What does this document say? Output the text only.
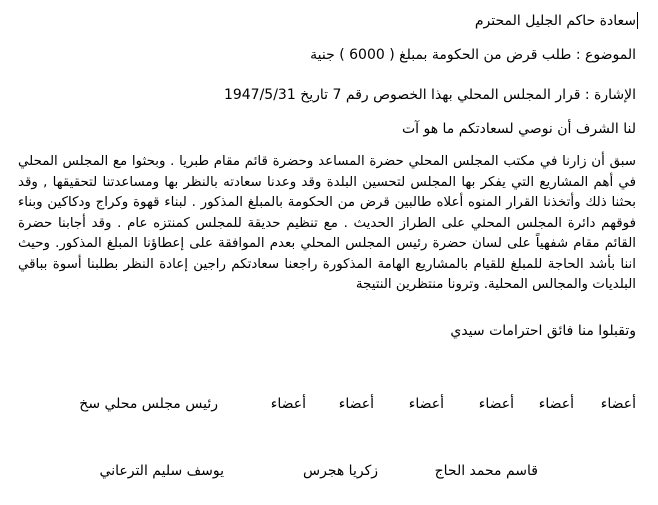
سعادة حاكم الجليل المحترم
الموضوع : طلب قرض من الحكومة بمبلغ ( 6000 ) جنية
الإشارة : قرار المجلس المحلي بهذا الخصوص رقم 7 تاريخ 1947/5/31
لنا الشرف أن نوصي لسعادتكم ما هو آت
سبق أن زارنا في مكتب المجلس المحلي حضرة المساعد وحضرة قائم مقام طبريا . وبحثوا مع المجلس المحلي في أهم المشاريع التي يفكر بها المجلس لتحسين البلدة وقد وعدنا سعادته بالنظر بها ومساعدتنا لتحقيقها , وقد بحثنا ذلك وأتخذنا القرار المنوه أعلاه طالبين قرض من الحكومة بالمبلغ المذكور . لبناء قهوة وكراج ودكاكين وبناء فوقهم دائرة المجلس المحلي على الطراز الحديث . مع تنظيم حديقة للمجلس كمنتزه عام . وقد أجابنا حضرة القائم مقام شفهياً على لسان حضرة رئيس المجلس المحلي بعدم الموافقة على إعطاؤنا المبلغ المذكور. وحيث اننا بأشد الحاجة للمبلغ للقيام بالمشاريع الهامة المذكورة راجعنا سعادتكم راجين إعادة النظر بطلبنا أسوة بباقي البلديات والمجالس المحلية. وترونا منتظرين النتيجة
وتقبلوا منا فائق احترامات سيدي
أعضاء
أعضاء
أعضاء
أعضاء
أعضاء
أعضاء
رئيس مجلس محلي سخ
قاسم محمد الحاج
زكريا هجرس
يوسف سليم الترعاني
